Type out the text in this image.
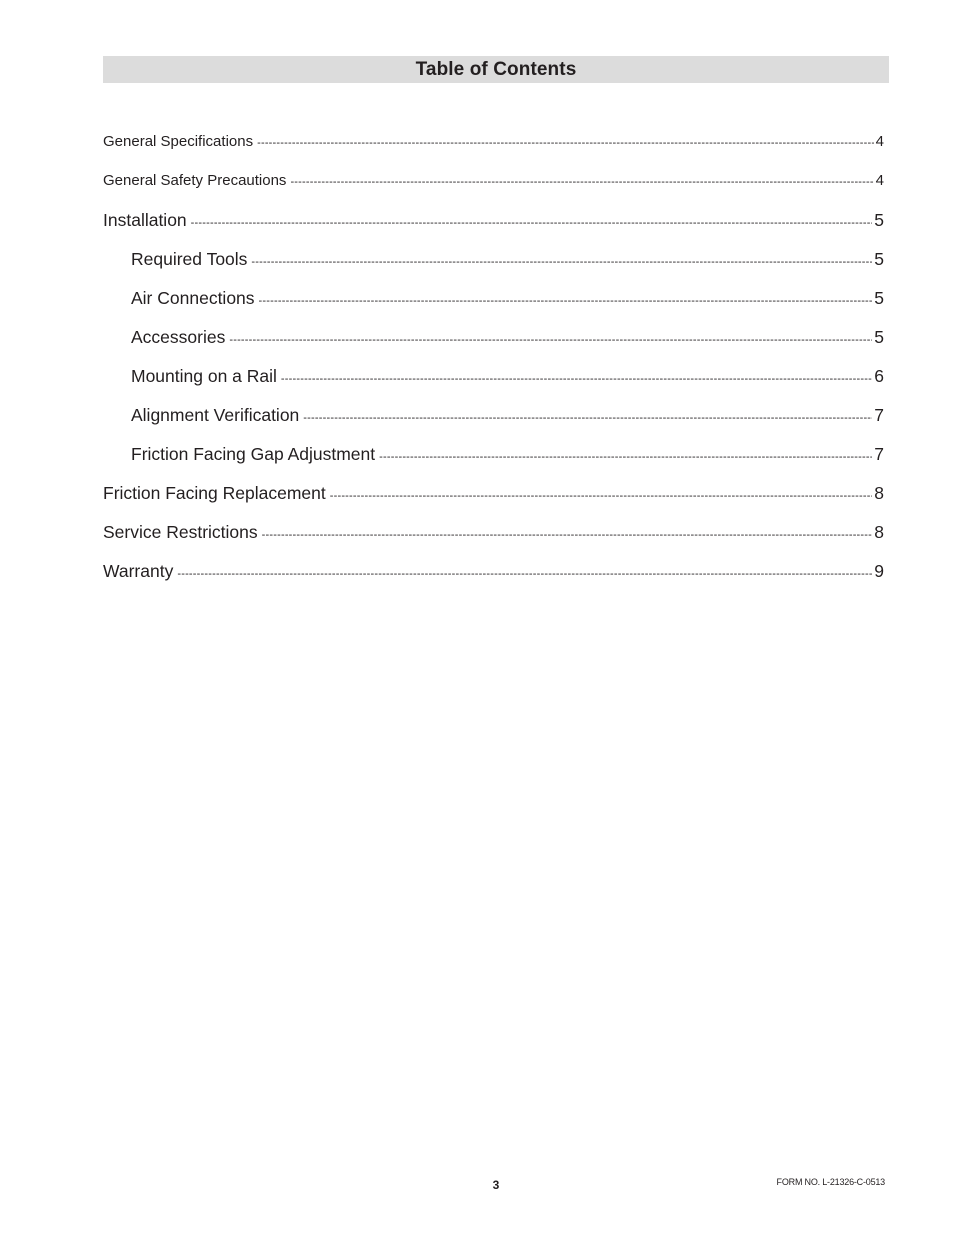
Table of Contents
General Specifications -----	4
General Safety Precautions -----	4
Installation -----	5
Required Tools -----	5
Air Connections -----	5
Accessories -----	5
Mounting on a Rail -----	6
Alignment Verification -----	7
Friction Facing Gap Adjustment -----	7
Friction Facing Replacement -----	8
Service Restrictions -----	8
Warranty -----	9
3	FORM NO. L-21326-C-0513
